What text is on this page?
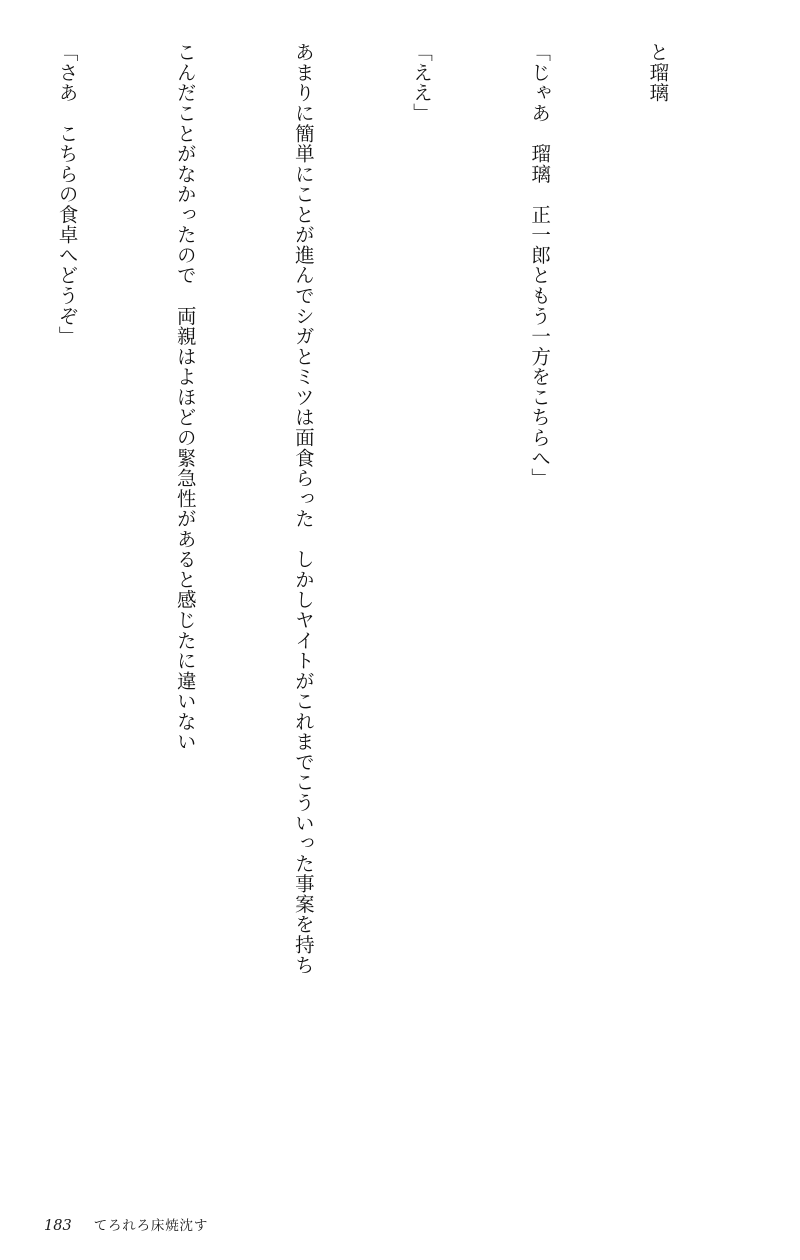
と瑠璃

「じゃあ　瑠璃　正一郎ともう一方をこちらへ」

「ええ」

あまりに簡単にことが進んでシガとミツは面食らった　しかしヤイトがこれまでこういった事案を持ち

こんだことがなかったので　両親はよほどの緊急性があると感じたに違いない

「さあ　こちらの食卓へどうぞ」

183 てろれろ床焼沈す
